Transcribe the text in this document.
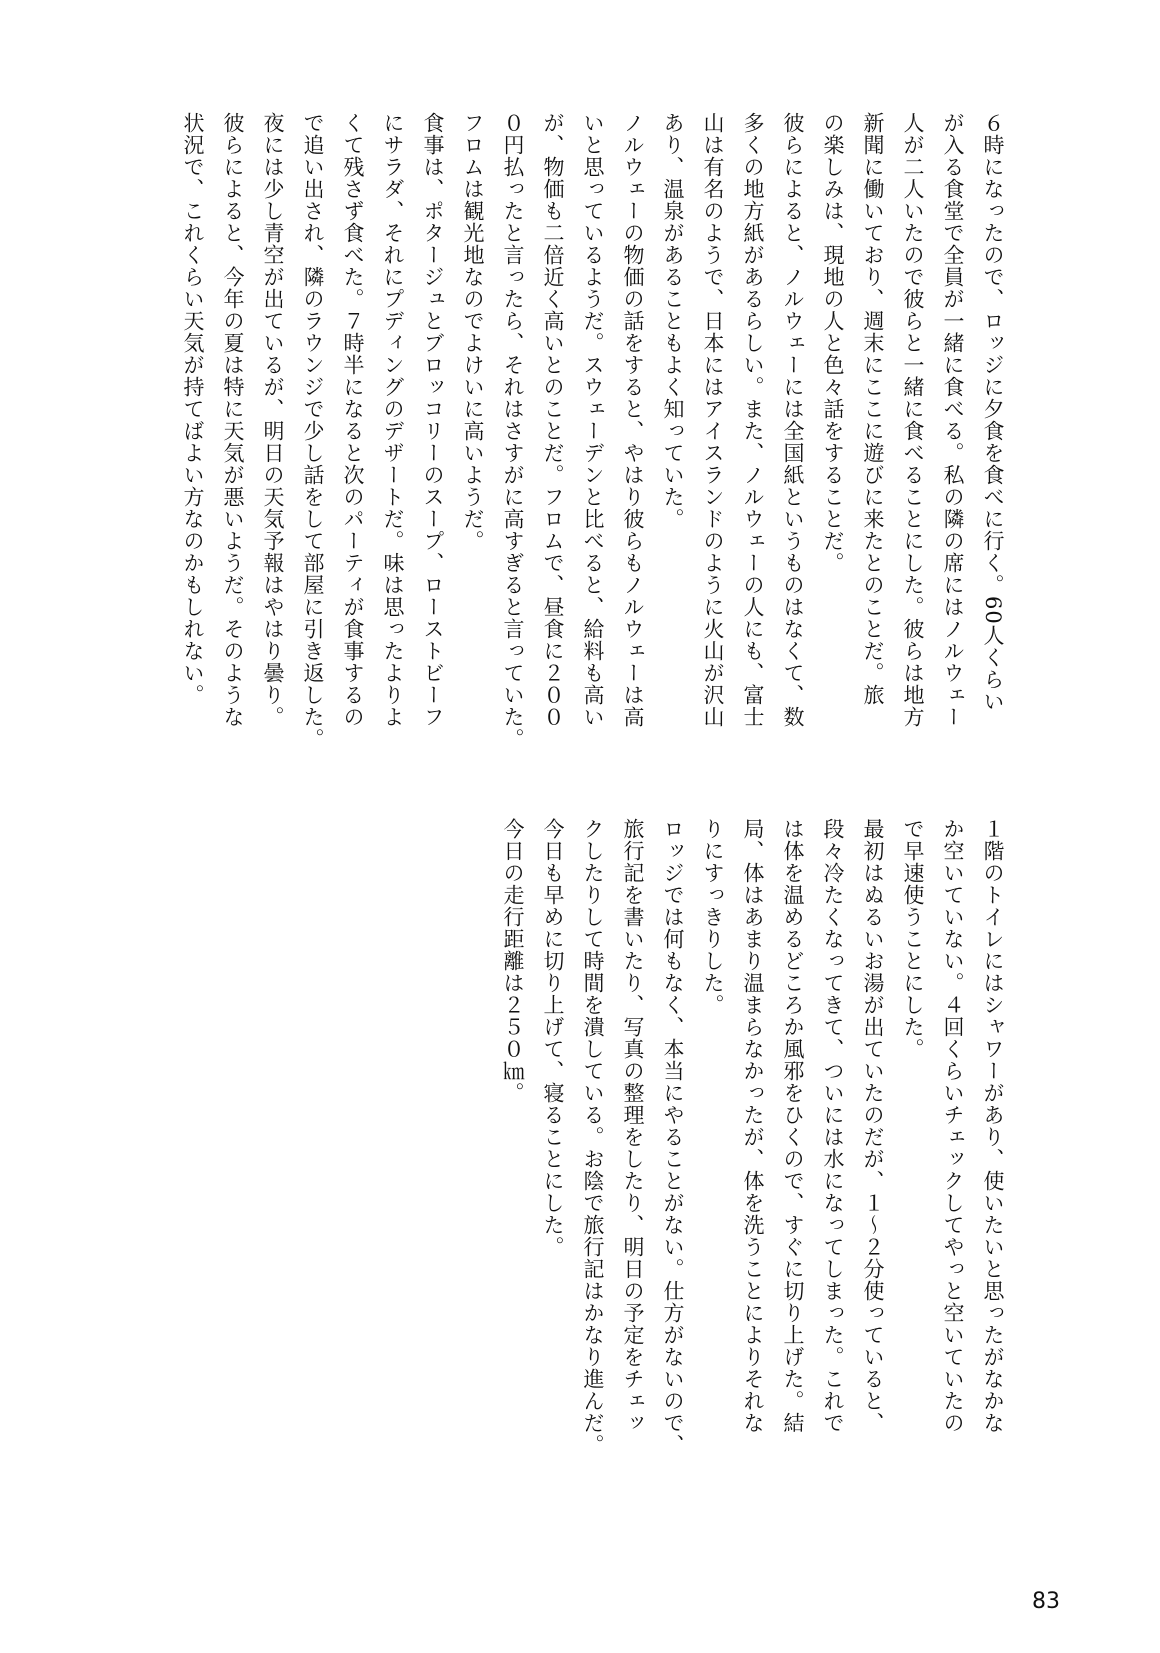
６時になったので、ロッジに夕食を食べに行く。60人くらい
が入る食堂で全員が一緒に食べる。私の隣の席にはノルウェー
人が二人いたので彼らと一緒に食べることにした。彼らは地方
新聞に働いており、週末にここに遊びに来たとのことだ。旅
の楽しみは、現地の人と色々話をすることだ。
彼らによると、ノルウェーには全国紙というものはなくて、数
多くの地方紙があるらしい。また、ノルウェーの人にも、富士
山は有名のようで、日本にはアイスランドのように火山が沢山
あり、温泉があることもよく知っていた。
ノルウェーの物価の話をすると、やはり彼らもノルウェーは高
いと思っているようだ。スウェーデンと比べると、給料も高い
が、物価も二倍近く高いとのことだ。フロムで、昼食に２００
０円払ったと言ったら、それはさすがに高すぎると言っていた。
フロムは観光地なのでよけいに高いようだ。
食事は、ポタージュとブロッコリーのスープ、ローストビーフ
にサラダ、それにプディングのデザートだ。味は思ったよりよ
くて残さず食べた。７時半になると次のパーティが食事するの
で追い出され、隣のラウンジで少し話をして部屋に引き返した。
夜には少し青空が出ているが、明日の天気予報はやはり曇り。
彼らによると、今年の夏は特に天気が悪いようだ。そのような
状況で、これくらい天気が持てばよい方なのかもしれない。
１階のトイレにはシャワーがあり、使いたいと思ったがなかな
か空いていない。４回くらいチェックしてやっと空いていたの
で早速使うことにした。
最初はぬるいお湯が出ていたのだが、１～２分使っていると、
段々冷たくなってきて、ついには水になってしまった。これで
は体を温めるどころか風邪をひくので、すぐに切り上げた。結
局、体はあまり温まらなかったが、体を洗うことによりそれな
りにすっきりした。
ロッジでは何もなく、本当にやることがない。仕方がないので、
旅行記を書いたり、写真の整理をしたり、明日の予定をチェッ
クしたりして時間を潰している。お陰で旅行記はかなり進んだ。
今日も早めに切り上げて、寝ることにした。
今日の走行距離は２５０㎞。
83
